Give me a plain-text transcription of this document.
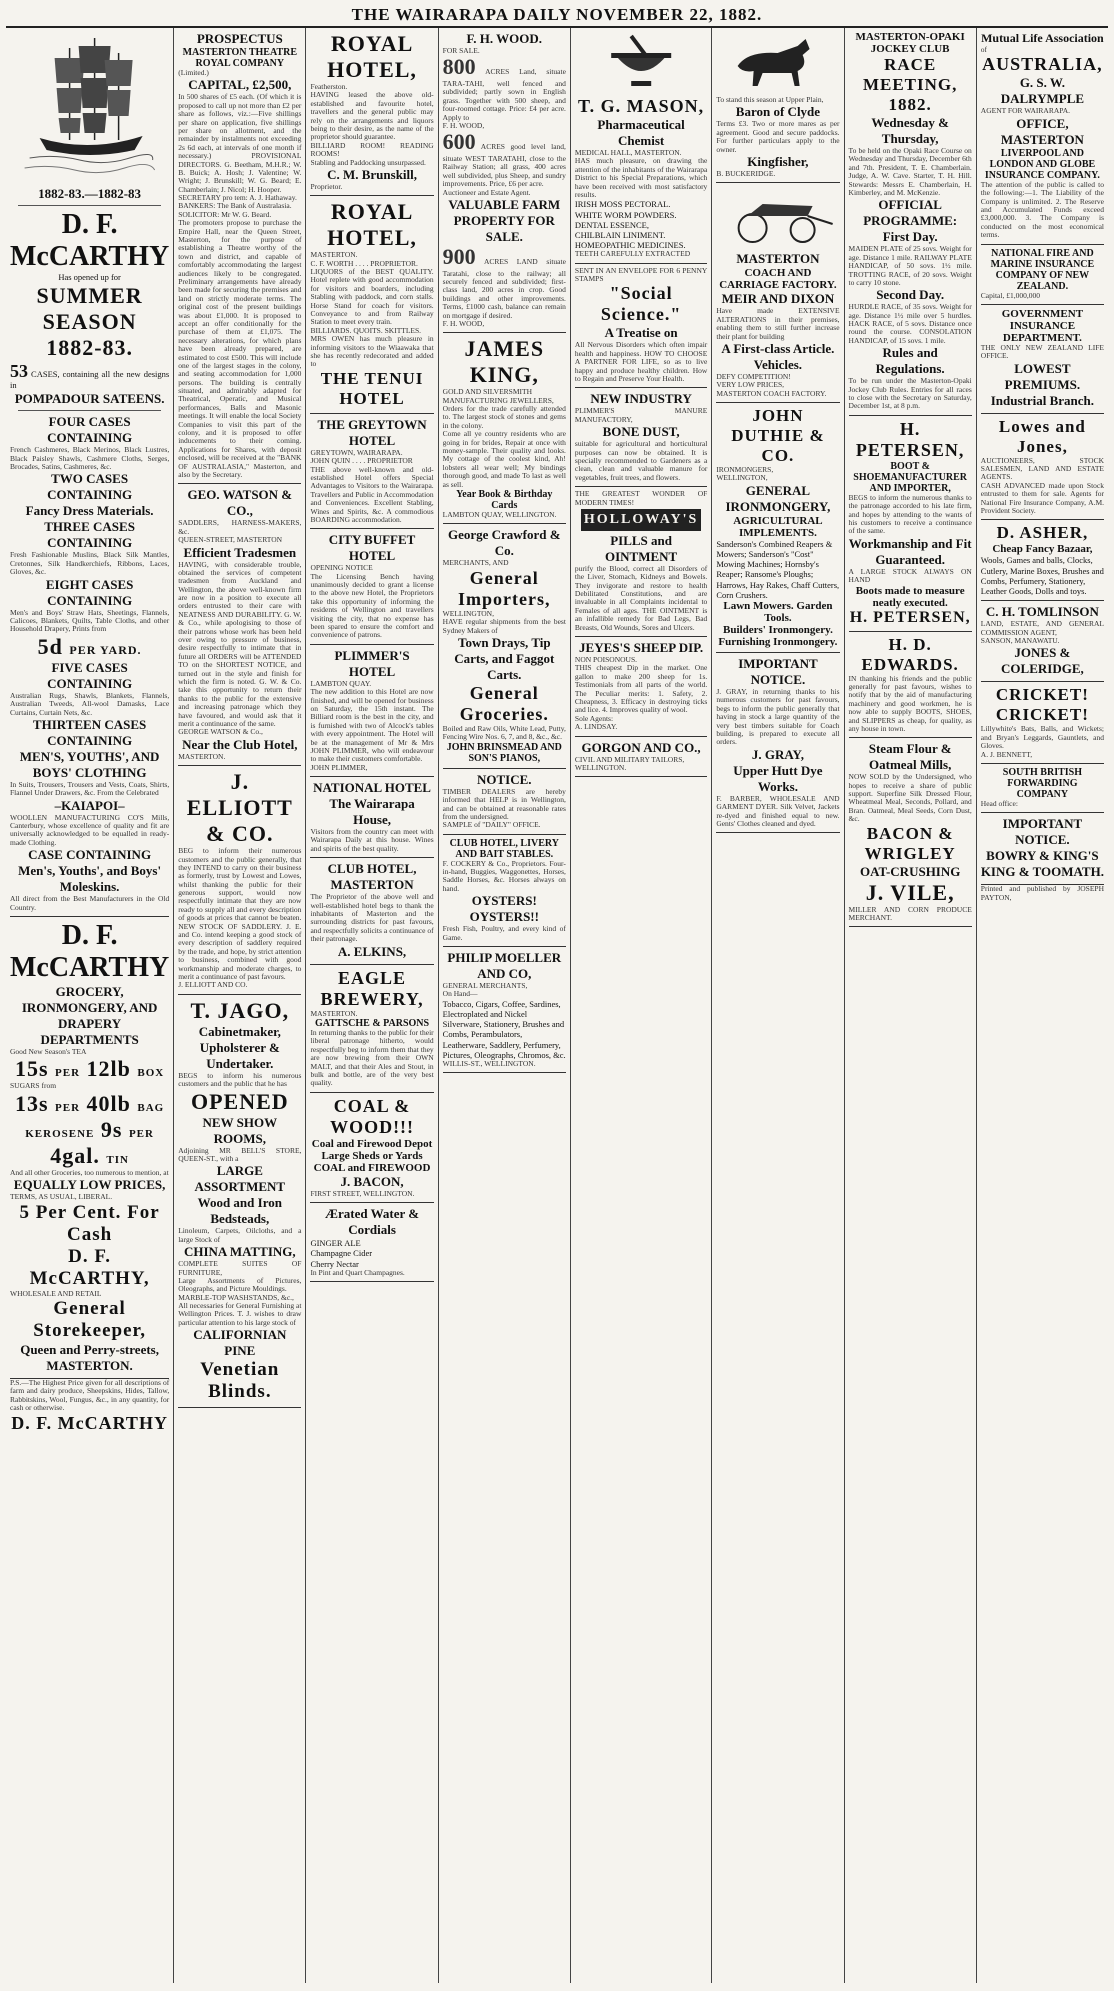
THE WAIRARAPA DAILY NOVEMBER 22, 1882.
1882-83.—1882-83
D. F. McCARTHY
Has opened up for
SUMMER SEASON
1882-83.
53 CASES, containing all the new designs in
POMPADOUR SATEENS.
FOUR CASES CONTAINING
French Cashmeres, Black Merinos, Black Lustres, Black Paisley Shawls, Cashmere Cloths, Serges, Brocades, Satins, Cashmeres, &c.
TWO CASES CONTAINING
Fancy Dress Materials.
THREE CASES CONTAINING
Fresh Fashionable Muslins, Black Silk Mantles, Cretonnes, Silk Handkerchiefs, Ribbons, Laces, Gloves, &c.
EIGHT CASES CONTAINING
Men's and Boys' Straw Hats, Sheetings, Flannels, Calicoes, Blankets, Quilts, Table Cloths, and other Household Drapery, Prints from
5d PER YARD.
FIVE CASES CONTAINING
Australian Rugs, Shawls, Blankets, Flannels, Australian Tweeds, All-wool Damasks, Lace Curtains, Curtain Nets, &c.
THIRTEEN CASES CONTAINING
MEN'S, YOUTHS', AND BOYS' CLOTHING
In Suits, Trousers, Trousers and Vests, Coats, Shirts, Flannel Under Drawers, &c. From the Celebrated
–KAIAPOI–
WOOLLEN MANUFACTURING CO'S Mills, Canterbury, whose excellence of quality and fit are universally acknowledged to be equalled in ready-made Clothing.
CASE CONTAINING
Men's, Youths', and Boys' Moleskins.
All direct from the Best Manufacturers in the Old Country.
D. F. McCARTHY
GROCERY, IRONMONGERY, AND DRAPERY DEPARTMENTS
Good New Season's TEA
15s PER 12lb BOX
SUGARS from
13s PER 40lb BAG
KEROSENE 9s PER 4gal. TIN
And all other Groceries, too numerous to mention, at
EQUALLY LOW PRICES,
TERMS, AS USUAL, LIBERAL.
5 Per Cent. For Cash
D. F. McCARTHY,
WHOLESALE AND RETAIL
General Storekeeper,
Queen and Perry-streets,
MASTERTON.
P.S.—The Highest Price given for all descriptions of farm and dairy produce, Sheepskins, Hides, Tallow, Rabbitskins, Wool, Fungus, &c., in any quantity, for cash or otherwise.
D. F. McCARTHY
PROSPECTUS
MASTERTON THEATRE ROYAL COMPANY
(Limited.)
CAPITAL, £2,500,
In 500 shares of £5 each. (Of which it is proposed to call up not more than £2 per share as follows, viz.:—Five shillings per share on application, five shillings per share on allotment, and the remainder by instalments not exceeding 2s 6d each, at intervals of one month if necessary.) PROVISIONAL DIRECTORS. G. Beetham, M.H.R.; W. B. Buick; A. Hosh; J. Valentine; W. Wright; J. Brunskill; W. G. Beard; E. Chamberlain; J. Nicol; H. Hooper.
SECRETARY pro tem: A. J. Hathaway.
BANKERS: The Bank of Australasia.
SOLICITOR: Mr W. G. Beard.
The promoters propose to purchase the Empire Hall, near the Queen Street, Masterton, for the purpose of establishing a Theatre worthy of the town and district, and capable of comfortably accommodating the largest audiences likely to be congregated. Preliminary arrangements have already been made for securing the premises and land on strictly moderate terms. The original cost of the present buildings was about £1,000. It is proposed to accept an offer conditionally for the purchase of them at £1,075. The necessary alterations, for which plans have been already prepared, are estimated to cost £500. This will include one of the largest stages in the colony, and seating accommodation for 1,000 persons. The building is centrally situated, and admirably adapted for Theatrical, Operatic, and Musical performances, Balls and Masonic meetings. It will enable the local Society Companies to visit this part of the colony, and it is proposed to offer inducements to their coming. Applications for Shares, with deposit enclosed, will be received at the "BANK OF AUSTRALASIA," Masterton, and also by the Secretary.
GEO. WATSON & CO.,
SADDLERS, HARNESS-MAKERS, &c.
QUEEN-STREET, MASTERTON
Efficient Tradesmen
HAVING, with considerable trouble, obtained the services of competent tradesmen from Auckland and Wellington, the above well-known firm are now in a position to execute all orders entrusted to their care with NEATNESS AND DURABILITY. G. W. & Co., while apologising to those of their patrons whose work has been held over owing to pressure of business, desire respectfully to intimate that in future all ORDERS will be ATTENDED TO on the SHORTEST NOTICE, and turned out in the style and finish for which the firm is noted. G. W. & Co. take this opportunity to return their thanks to the public for the extensive and increasing patronage which they have favoured, and would ask that it merit a continuance of the same.
GEORGE WATSON & Co.,
Near the Club Hotel,
MASTERTON.
J. ELLIOTT & CO.
BEG to inform their numerous customers and the public generally, that they INTEND to carry on their business as formerly, trust by Lowest and Lowes, whilst thanking the public for their generous support, would now respectfully intimate that they are now ready to supply all and every description of goods at prices that cannot be beaten. NEW STOCK OF SADDLERY. J. E. and Co. intend keeping a good stock of every description of saddlery required by the trade, and hope, by strict attention to business, combined with good workmanship and moderate charges, to merit a continuance of past favours.
J. ELLIOTT AND CO.
T. JAGO,
Cabinetmaker, Upholsterer & Undertaker.
BEGS to inform his numerous customers and the public that he has
OPENED
NEW SHOW ROOMS,
Adjoining MR BELL'S STORE, QUEEN-ST., with a
LARGE ASSORTMENT
Wood and Iron Bedsteads,
Linoleum, Carpets, Oilcloths, and a large Stock of
CHINA MATTING,
COMPLETE SUITES OF FURNITURE,
Large Assortments of Pictures, Oleographs, and Picture Mouldings.
MARBLE-TOP WASHSTANDS, &c.,
All necessaries for General Furnishing at Wellington Prices. T. J. wishes to draw particular attention to his large stock of
CALIFORNIAN PINE
Venetian Blinds.
ROYAL HOTEL,
Featherston.
HAVING leased the above old-established and favourite hotel, travellers and the general public may rely on the arrangements and liquors being to their desire, as the name of the proprietor should guarantee.
BILLIARD ROOM! READING ROOMS!
Stabling and Paddocking unsurpassed.
C. M. Brunskill,
Proprietor.
ROYAL HOTEL,
MASTERTON.
C. F. WORTH . . . . PROPRIETOR.
LIQUORS of the BEST QUALITY. Hotel replete with good accommodation for visitors and boarders, including Stabling with paddock, and corn stalls. Horse Stand for coach for visitors. Conveyance to and from Railway Station to meet every train.
BILLIARDS. QUOITS. SKITTLES.
MRS OWEN has much pleasure in informing visitors to the Wiaawaka that she has recently redecorated and added to
THE TENUI HOTEL
THE GREYTOWN HOTEL
GREYTOWN, WAIRARAPA.
JOHN QUIN . . . . PROPRIETOR
THE above well-known and old-established Hotel offers Special Advantages to Visitors to the Wairarapa. Travellers and Public in Accommodation and Conveniences. Excellent Stabling, Wines and Spirits, &c. A commodious BOARDING accommodation.
CITY BUFFET HOTEL
OPENING NOTICE
The Licensing Bench having unanimously decided to grant a license to the above new Hotel, the Proprietors take this opportunity of informing the residents of Wellington and travellers visiting the city, that no expense has been spared to ensure the comfort and convenience of patrons.
PLIMMER'S HOTEL
LAMBTON QUAY.
The new addition to this Hotel are now finished, and will be opened for business on Saturday, the 15th instant. The Billiard room is the best in the city, and is furnished with two of Alcock's tables with every appointment. The Hotel will be at the management of Mr & Mrs JOHN PLIMMER, who will endeavour to make their customers comfortable.
JOHN PLIMMER,
NATIONAL HOTEL
The Wairarapa House,
Visitors from the country can meet with Wairarapa Daily at this house. Wines and spirits of the best quality.
CLUB HOTEL, MASTERTON
The Proprietor of the above well and well-established hotel begs to thank the inhabitants of Masterton and the surrounding districts for past favours, and respectfully solicits a continuance of their patronage.
A. ELKINS,
EAGLE BREWERY,
MASTERTON.
GATTSCHE & PARSONS
In returning thanks to the public for their liberal patronage hitherto, would respectfully beg to inform them that they are now brewing from their OWN MALT, and that their Ales and Stout, in bulk and bottle, are of the very best quality.
COAL & WOOD!!!
Coal and Firewood Depot
Large Sheds or Yards
COAL and FIREWOOD
J. BACON,
FIRST STREET, WELLINGTON.
Ærated Water & Cordials
GINGER ALE
Champagne Cider
Cherry Nectar
In Pint and Quart Champagnes.
F. H. WOOD.
FOR SALE.
800 ACRES Land, situate TARA-TAHI, well fenced and subdivided; partly sown in English grass. Together with 500 sheep, and four-roomed cottage. Price: £4 per acre. Apply to
F. H. WOOD,
600 ACRES good level land, situate WEST TARATAHI, close to the Railway Station; all grass, 400 acres well subdivided, plus Sheep, and sundry improvements. Price, £6 per acre.
Auctioneer and Estate Agent.
VALUABLE FARM PROPERTY FOR SALE.
900 ACRES LAND situate Taratahi, close to the railway; all securely fenced and subdivided; first-class land, 200 acres in crop. Good buildings and other improvements. Terms, £1000 cash, balance can remain on mortgage if desired.
F. H. WOOD,
JAMES KING,
GOLD AND SILVERSMITH
MANUFACTURING JEWELLERS,
Orders for the trade carefully attended to. The largest stock of stones and gems in the colony.
Come all ye country residents who are going in for brides, Repair at once with money-sample. Their quality and looks. My cottage of the coolest kind, Ah! lobsters all wear well; My bindings thorough good, and made To last as well as sell.
Year Book & Birthday Cards
LAMBTON QUAY, WELLINGTON.
George Crawford & Co.
MERCHANTS, AND
General Importers,
WELLINGTON,
HAVE regular shipments from the best Sydney Makers of
Town Drays, Tip Carts, and Faggot Carts.
General Groceries.
Boiled and Raw Oils, White Lead, Putty, Fencing Wire Nos. 6, 7, and 8, &c., &c.
JOHN BRINSMEAD AND SON'S PIANOS,
NOTICE.
TIMBER DEALERS are hereby informed that HELP is in Wellington, and can be obtained at reasonable rates from the undersigned.
SAMPLE of "DAILY" OFFICE.
CLUB HOTEL, LIVERY AND BAIT STABLES.
F. COCKERY & Co., Proprietors. Four-in-hand, Buggies, Waggonettes, Horses, Saddle Horses, &c. Horses always on hand.
OYSTERS! OYSTERS!!
Fresh Fish, Poultry, and every kind of Game.
PHILIP MOELLER AND CO,
GENERAL MERCHANTS,
On Hand—
Tobacco, Cigars, Coffee, Sardines, Electroplated and Nickel Silverware, Stationery, Brushes and Combs, Perambulators, Leatherware, Saddlery, Perfumery, Pictures, Oleographs, Chromos, &c.
WILLIS-ST., WELLINGTON.
T. G. MASON,
Pharmaceutical Chemist
MEDICAL HALL, MASTERTON.
HAS much pleasure, on drawing the attention of the inhabitants of the Wairarapa District to his Special Preparations, which have been received with most satisfactory results.
IRISH MOSS PECTORAL.
WHITE WORM POWDERS.
DENTAL ESSENCE,
CHILBLAIN LINIMENT.
HOMEOPATHIC MEDICINES.
TEETH CAREFULLY EXTRACTED
SENT IN AN ENVELOPE FOR 6 PENNY STAMPS
"Social Science."
A Treatise on
All Nervous Disorders which often impair health and happiness. HOW TO CHOOSE A PARTNER FOR LIFE, so as to live happy and produce healthy children. How to Regain and Preserve Your Health.
NEW INDUSTRY
PLIMMER'S MANURE MANUFACTORY,
BONE DUST,
suitable for agricultural and horticultural purposes can now be obtained. It is specially recommended to Gardeners as a clean, clean and valuable manure for vegetables, fruit trees, and flowers.
THE GREATEST WONDER OF MODERN TIMES!
HOLLOWAY'S
PILLS and OINTMENT
purify the Blood, correct all Disorders of the Liver, Stomach, Kidneys and Bowels. They invigorate and restore to health Debilitated Constitutions, and are invaluable in all Complaints incidental to Females of all ages. THE OINTMENT is an infallible remedy for Bad Legs, Bad Breasts, Old Wounds, Sores and Ulcers.
JEYES'S SHEEP DIP.
NON POISONOUS.
THIS cheapest Dip in the market. One gallon to make 200 sheep for 1s. Testimonials from all parts of the world. The Peculiar merits: 1. Safety, 2. Cheapness, 3. Efficacy in destroying ticks and lice. 4. Improves quality of wool.
Sole Agents:
A. LINDSAY.
GORGON AND CO.,
CIVIL AND MILITARY TAILORS,
WELLINGTON.
To stand this season at Upper Plain,
Baron of Clyde
Terms £3. Two or more mares as per agreement. Good and secure paddocks. For further particulars apply to the owner.
Kingfisher,
B. BUCKERIDGE.
MASTERTON
COACH AND CARRIAGE FACTORY.
MEIR AND DIXON
Have made EXTENSIVE ALTERATIONS in their premises, enabling them to still further increase their plant for building
A First-class Article.
Vehicles.
DEFY COMPETITION!
VERY LOW PRICES,
MASTERTON COACH FACTORY.
JOHN DUTHIE & CO.
IRONMONGERS,
WELLINGTON,
GENERAL IRONMONGERY,
AGRICULTURAL IMPLEMENTS.
Sanderson's Combined Reapers & Mowers; Sanderson's "Cost" Mowing Machines; Hornsby's Reaper; Ransome's Ploughs; Harrows, Hay Rakes, Chaff Cutters, Corn Crushers.
Lawn Mowers. Garden Tools.
Builders' Ironmongery.
Furnishing Ironmongery.
IMPORTANT NOTICE.
J. GRAY, in returning thanks to his numerous customers for past favours, begs to inform the public generally that having in stock a large quantity of the very best timbers suitable for Coach building, is prepared to execute all orders.
J. GRAY,
Upper Hutt Dye Works.
F. BARBER, WHOLESALE AND GARMENT DYER. Silk Velvet, Jackets re-dyed and finished equal to new. Gents' Clothes cleaned and dyed.
MASTERTON-OPAKI JOCKEY CLUB
RACE MEETING, 1882.
Wednesday & Thursday,
To be held on the Opaki Race Course on Wednesday and Thursday, December 6th and 7th. President, T. E. Chamberlain. Judge, A. W. Cave. Starter, T. H. Hill. Stewards: Messrs E. Chamberlain, H. Kimberley, and M. McKenzie.
OFFICIAL PROGRAMME:
First Day.
MAIDEN PLATE of 25 sovs. Weight for age. Distance 1 mile. RAILWAY PLATE HANDICAP, of 50 sovs. 1½ mile. TROTTING RACE, of 20 sovs. Weight to carry 10 stone.
Second Day.
HURDLE RACE, of 35 sovs. Weight for age. Distance 1½ mile over 5 hurdles. HACK RACE, of 5 sovs. Distance once round the course. CONSOLATION HANDICAP, of 15 sovs. 1 mile.
Rules and Regulations.
To be run under the Masterton-Opaki Jockey Club Rules. Entries for all races to close with the Secretary on Saturday, December 1st, at 8 p.m.
H. PETERSEN,
BOOT & SHOEMANUFACTURER AND IMPORTER,
BEGS to inform the numerous thanks to the patronage accorded to his late firm, and hopes by attending to the wants of his customers to receive a continuance of the same.
Workmanship and Fit Guaranteed.
A LARGE STOCK ALWAYS ON HAND
Boots made to measure neatly executed.
H. PETERSEN,
H. D. EDWARDS.
IN thanking his friends and the public generally for past favours, wishes to notify that by the aid of manufacturing machinery and good workmen, he is now able to supply BOOTS, SHOES, and SLIPPERS as cheap, for quality, as any house in town.
Steam Flour & Oatmeal Mills,
NOW SOLD by the Undersigned, who hopes to receive a share of public support. Superfine Silk Dressed Flour, Wheatmeal Meal, Seconds, Pollard, and Bran. Oatmeal, Meal Seeds, Corn Dust, &c.
BACON & WRIGLEY
OAT-CRUSHING
J. VILE,
MILLER AND CORN PRODUCE MERCHANT.
Mutual Life Association
of
AUSTRALIA,
G. S. W. DALRYMPLE
AGENT FOR WAIRARAPA.
OFFICE, MASTERTON
LIVERPOOL AND LONDON AND GLOBE INSURANCE COMPANY.
The attention of the public is called to the following:—1. The Liability of the Company is unlimited. 2. The Reserve and Accumulated Funds exceed £3,000,000. 3. The Company is conducted on the most economical terms.
NATIONAL FIRE AND MARINE INSURANCE COMPANY OF NEW ZEALAND.
Capital, £1,000,000
GOVERNMENT INSURANCE DEPARTMENT.
THE ONLY NEW ZEALAND LIFE OFFICE.
LOWEST PREMIUMS.
Industrial Branch.
Lowes and Jones,
AUCTIONEERS, STOCK SALESMEN, LAND AND ESTATE AGENTS.
CASH ADVANCED made upon Stock entrusted to them for sale. Agents for National Fire Insurance Company, A.M. Provident Society.
D. ASHER,
Cheap Fancy Bazaar,
Wools, Games and balls, Clocks, Cutlery, Marine Boxes, Brushes and Combs, Perfumery, Stationery, Leather Goods, Dolls and toys.
C. H. TOMLINSON
LAND, ESTATE, AND GENERAL COMMISSION AGENT,
SANSON, MANAWATU.
JONES & COLERIDGE,
CRICKET! CRICKET!
Lillywhite's Bats, Balls, and Wickets; and Bryan's Leggards, Gauntlets, and Gloves.
A. J. BENNETT,
SOUTH BRITISH FORWARDING COMPANY
Head office:
IMPORTANT NOTICE.
BOWRY & KING'S
KING & TOOMATH.
Printed and published by JOSEPH PAYTON,
